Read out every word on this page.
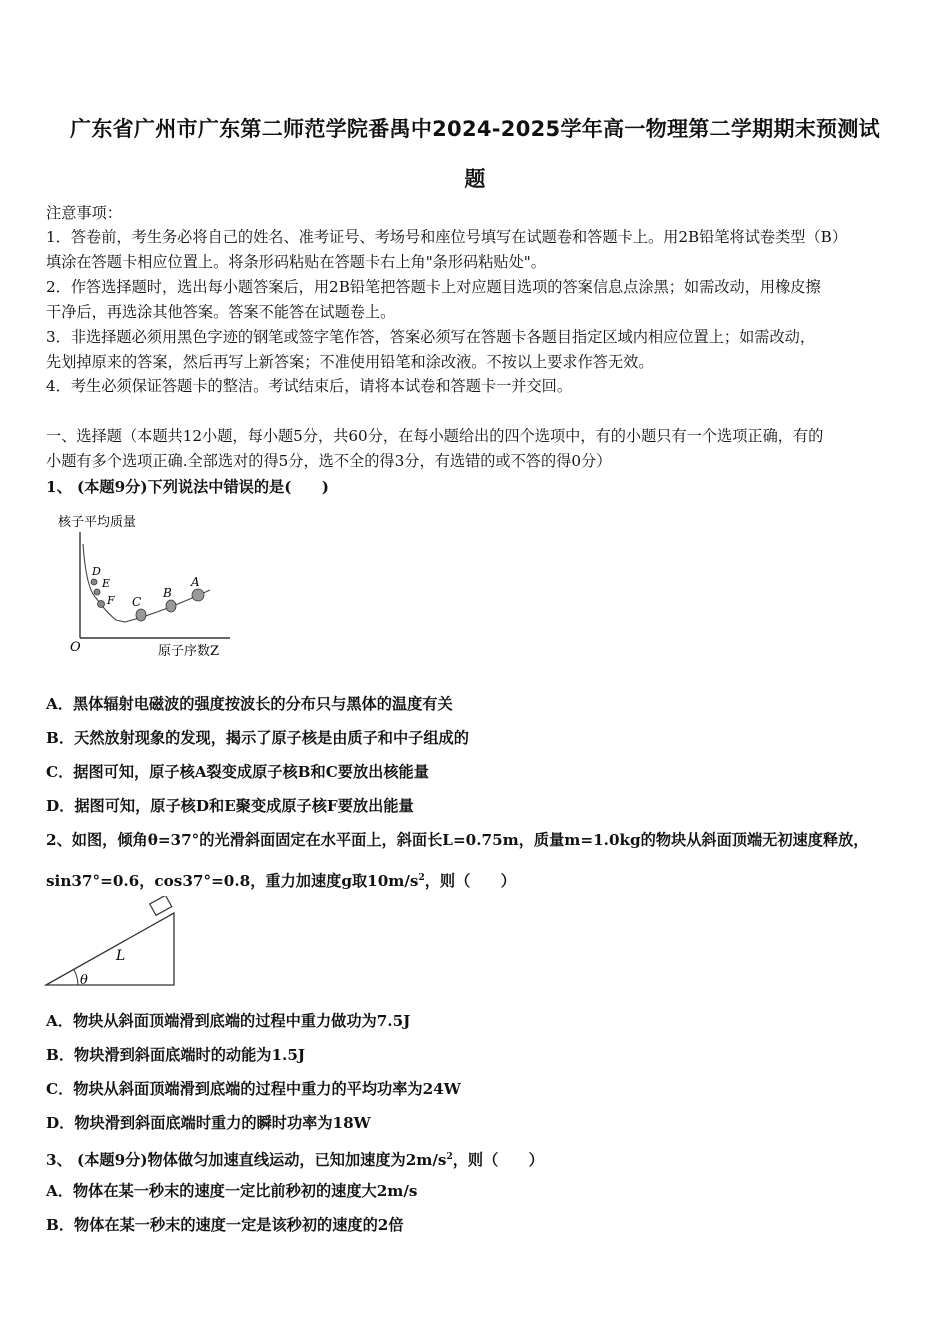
广东省广州市广东第二师范学院番禺中2024-2025学年高一物理第二学期期末预测试
题
注意事项：
1．答卷前，考生务必将自己的姓名、准考证号、考场号和座位号填写在试题卷和答题卡上。用2B铅笔将试卷类型（B）
填涂在答题卡相应位置上。将条形码粘贴在答题卡右上角"条形码粘贴处"。
2．作答选择题时，选出每小题答案后，用2B铅笔把答题卡上对应题目选项的答案信息点涂黑；如需改动，用橡皮擦
干净后，再选涂其他答案。答案不能答在试题卷上。
3．非选择题必须用黑色字迹的钢笔或签字笔作答，答案必须写在答题卡各题目指定区域内相应位置上；如需改动，
先划掉原来的答案，然后再写上新答案；不准使用铅笔和涂改液。不按以上要求作答无效。
4．考生必须保证答题卡的整洁。考试结束后，请将本试卷和答题卡一并交回。
一、选择题（本题共12小题，每小题5分，共60分，在每小题给出的四个选项中，有的小题只有一个选项正确，有的
小题有多个选项正确.全部选对的得5分，选不全的得3分，有选错的或不答的得0分）
1、 (本题9分)下列说法中错误的是(　　)
核子平均质量
O	原子序数Z
D
E
F C
B
A
A．黑体辐射电磁波的强度按波长的分布只与黑体的温度有关
B．天然放射现象的发现，揭示了原子核是由质子和中子组成的
C．据图可知，原子核A裂变成原子核B和C要放出核能量
D．据图可知，原子核D和E聚变成原子核F要放出能量
2、如图，倾角θ=37°的光滑斜面固定在水平面上，斜面长L=0.75m，质量m=1.0kg的物块从斜面顶端无初速度释放，
sin37°=0.6，cos37°=0.8，重力加速度g取$10m/s^2$，则（　　）
θ
L
A．物块从斜面顶端滑到底端的过程中重力做功为7.5J
B．物块滑到斜面底端时的动能为1.5J
C．物块从斜面顶端滑到底端的过程中重力的平均功率为24W
D．物块滑到斜面底端时重力的瞬时功率为18W
3、 (本题9分)物体做匀加速直线运动，已知加速度为$2m/s^2$，则（　　）
A．物体在某一秒末的速度一定比前秒初的速度大2m/s
B．物体在某一秒末的速度一定是该秒初的速度的2倍
